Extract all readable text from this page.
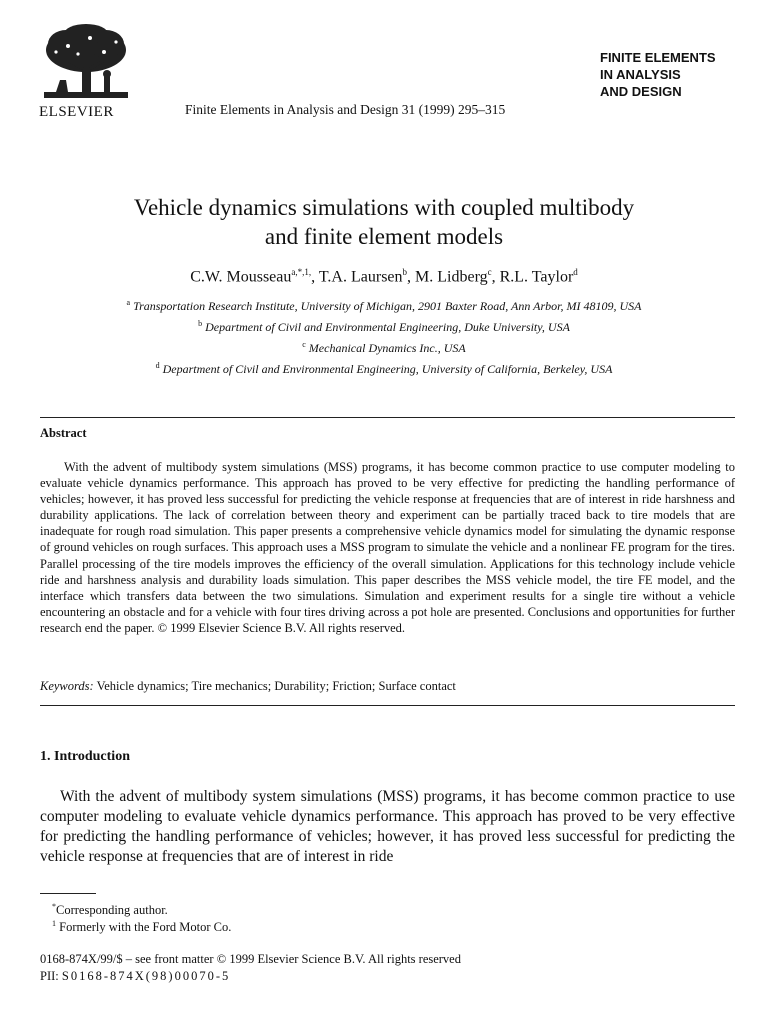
ELSEVIER	Finite Elements in Analysis and Design 31 (1999) 295–315
FINITE ELEMENTS
IN ANALYSIS
AND DESIGN
Vehicle dynamics simulations with coupled multibody
and finite element models
C.W. Mousseau$^{a,*,1,}$, T.A. Laursen$^b$, M. Lidberg$^c$, R.L. Taylor$^d$
$^a$ Transportation Research Institute, University of Michigan, 2901 Baxter Road, Ann Arbor, MI 48109, USA
$^b$ Department of Civil and Environmental Engineering, Duke University, USA
$^c$ Mechanical Dynamics Inc., USA
$^d$ Department of Civil and Environmental Engineering, University of California, Berkeley, USA
Abstract
With the advent of multibody system simulations (MSS) programs, it has become common practice to use computer modeling to evaluate vehicle dynamics performance. This approach has proved to be very effective for predicting the handling performance of vehicles; however, it has proved less successful for predicting the vehicle response at frequencies that are of interest in ride harshness and durability applications. The lack of correlation between theory and experiment can be partially traced back to tire models that are inadequate for rough road simulation. This paper presents a comprehensive vehicle dynamics model for simulating the dynamic response of ground vehicles on rough surfaces. This approach uses a MSS program to simulate the vehicle and a nonlinear FE program for the tires. Parallel processing of the tire models improves the efficiency of the overall simulation. Applications for this technology include vehicle ride and harshness analysis and durability loads simulation. This paper describes the MSS vehicle model, the tire FE model, and the interface which transfers data between the two simulations. Simulation and experiment results for a single tire without a vehicle encountering an obstacle and for a vehicle with four tires driving across a pot hole are presented. Conclusions and opportunities for further research end the paper. © 1999 Elsevier Science B.V. All rights reserved.
Keywords: Vehicle dynamics; Tire mechanics; Durability; Friction; Surface contact
1. Introduction
With the advent of multibody system simulations (MSS) programs, it has become common practice to use computer modeling to evaluate vehicle dynamics performance. This approach has proved to be very effective for predicting the handling performance of vehicles; however, it has proved less successful for predicting the vehicle response at frequencies that are of interest in ride
*Corresponding author.
$^1$ Formerly with the Ford Motor Co.
0168-874X/99/$ – see front matter © 1999 Elsevier Science B.V. All rights reserved
PII: S0168-874X(98)00070-5
